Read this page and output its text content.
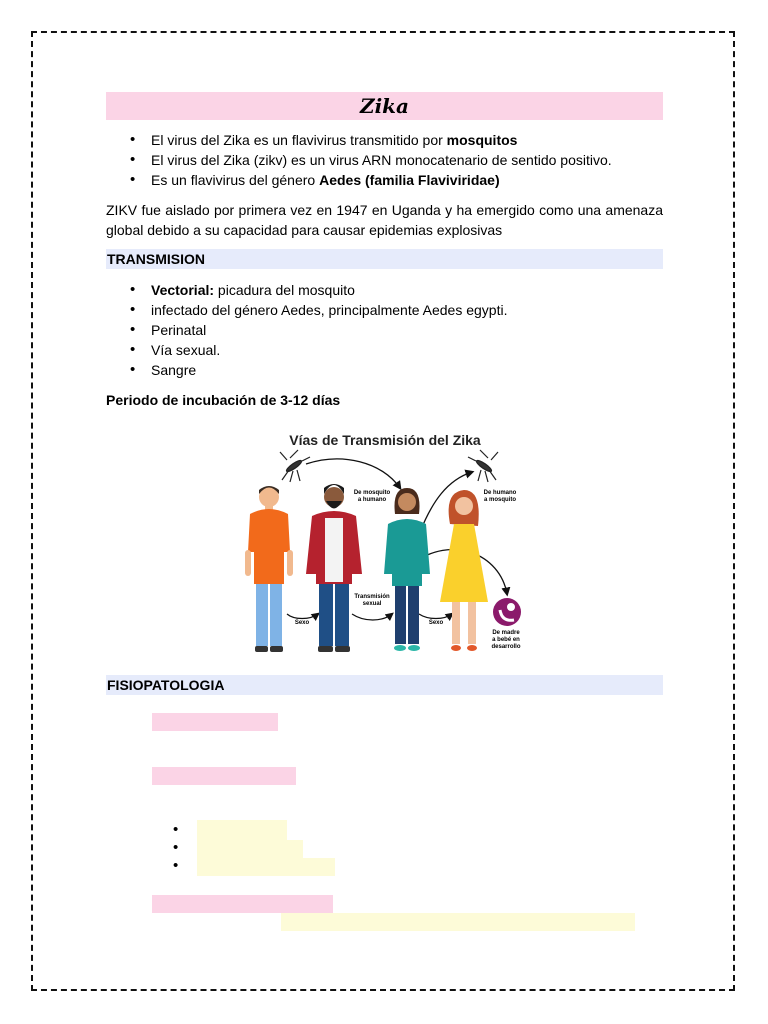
Zika
• El virus del Zika es un flavivirus transmitido por mosquitos
• El virus del Zika (zikv) es un virus ARN monocatenario de sentido positivo.
• Es un flavivirus del género Aedes (familia Flaviviridae)
ZIKV fue aislado por primera vez en 1947 en Uganda y ha emergido como una amenaza global debido a su capacidad para causar epidemias explosivas
TRANSMISION
• Vectorial: picadura del mosquito
• infectado del género Aedes, principalmente Aedes egypti.
• Perinatal
• Vía sexual.
• Sangre
Periodo de incubación de 3-12 días
Vías de Transmisión del Zika
De mosquito
a humano
De humano
a mosquito
Transmisión
sexual
Sexo	Sexo
De madre
a bebé en
desarrollo
FISIOPATOLOGIA
•
•
•
